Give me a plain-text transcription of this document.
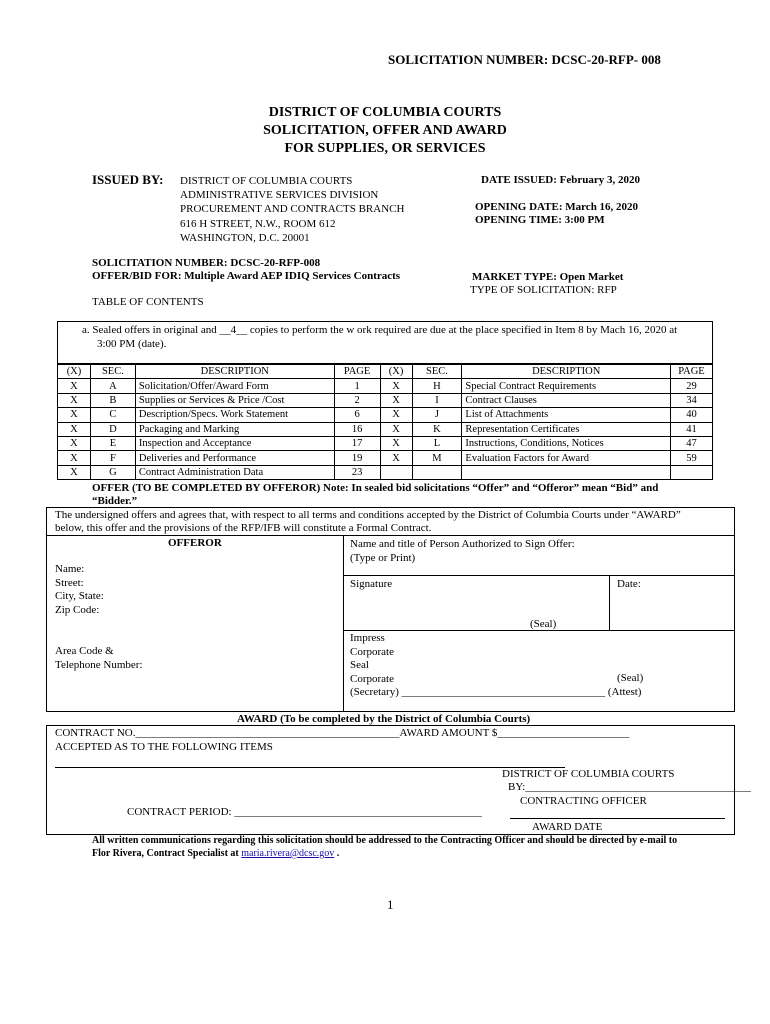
SOLICITATION NUMBER: DCSC-20-RFP- 008
DISTRICT OF COLUMBIA COURTS
SOLICITATION, OFFER AND AWARD
FOR SUPPLIES, OR SERVICES
ISSUED BY: DISTRICT OF COLUMBIA COURTS
ADMINISTRATIVE SERVICES DIVISION
PROCUREMENT AND CONTRACTS BRANCH
616 H STREET, N.W., ROOM 612
WASHINGTON, D.C. 20001
DATE ISSUED: February 3, 2020
OPENING DATE: March 16, 2020
OPENING TIME: 3:00 PM
SOLICITATION NUMBER: DCSC-20-RFP-008
OFFER/BID FOR: Multiple Award AEP IDIQ Services Contracts	MARKET TYPE: Open Market
TYPE OF SOLICITATION: RFP
TABLE OF CONTENTS
a. Sealed offers in original and __4__ copies to perform the w ork required are due at the place specified in Item 8 by Mach 16, 2020 at
3:00 PM (date).
(X)	SEC.	DESCRIPTION	PAGE	(X)	SEC.	DESCRIPTION	PAGE
X	A	Solicitation/Offer/Award Form	1	X	H	Special Contract Requirements	29
X	B	Supplies or Services & Price /Cost	2	X	I	Contract Clauses	34
X	C	Description/Specs. Work Statement	6	X	J	List of Attachments	40
X	D	Packaging and Marking	16	X	K	Representation Certificates	41
X	E	Inspection and Acceptance	17	X	L	Instructions, Conditions, Notices	47
X	F	Deliveries and Performance	19	X	M	Evaluation Factors for Award	59
X	G	Contract Administration Data	23				
OFFER (TO BE COMPLETED BY OFFEROR) Note: In sealed bid solicitations “Offer” and “Offeror” mean “Bid” and
“Bidder.”
The undersigned offers and agrees that, with respect to all terms and conditions accepted by the District of Columbia Courts under “AWARD”
below, this offer and the provisions of the RFP/IFB will constitute a Formal Contract.
OFFEROR
Name:
Street:
City, State:
Zip Code:
Area Code &
Telephone Number:
Name and title of Person Authorized to Sign Offer:
(Type or Print)
Signature	Date:
(Seal)
Impress
Corporate
Seal
Corporate	(Seal)
(Secretary) _____________________________________ (Attest)
AWARD (To be completed by the District of Columbia Courts)
CONTRACT NO.________________________________________________AWARD AMOUNT $________________________
ACCEPTED AS TO THE FOLLOWING ITEMS
DISTRICT OF COLUMBIA COURTS
BY:_________________________________________
CONTRACTING OFFICER
CONTRACT PERIOD: _____________________________________________
AWARD DATE
All written communications regarding this solicitation should be addressed to the Contracting Officer and should be directed by e-mail to
Flor Rivera, Contract Specialist at maria.rivera@dcsc.gov .
1
